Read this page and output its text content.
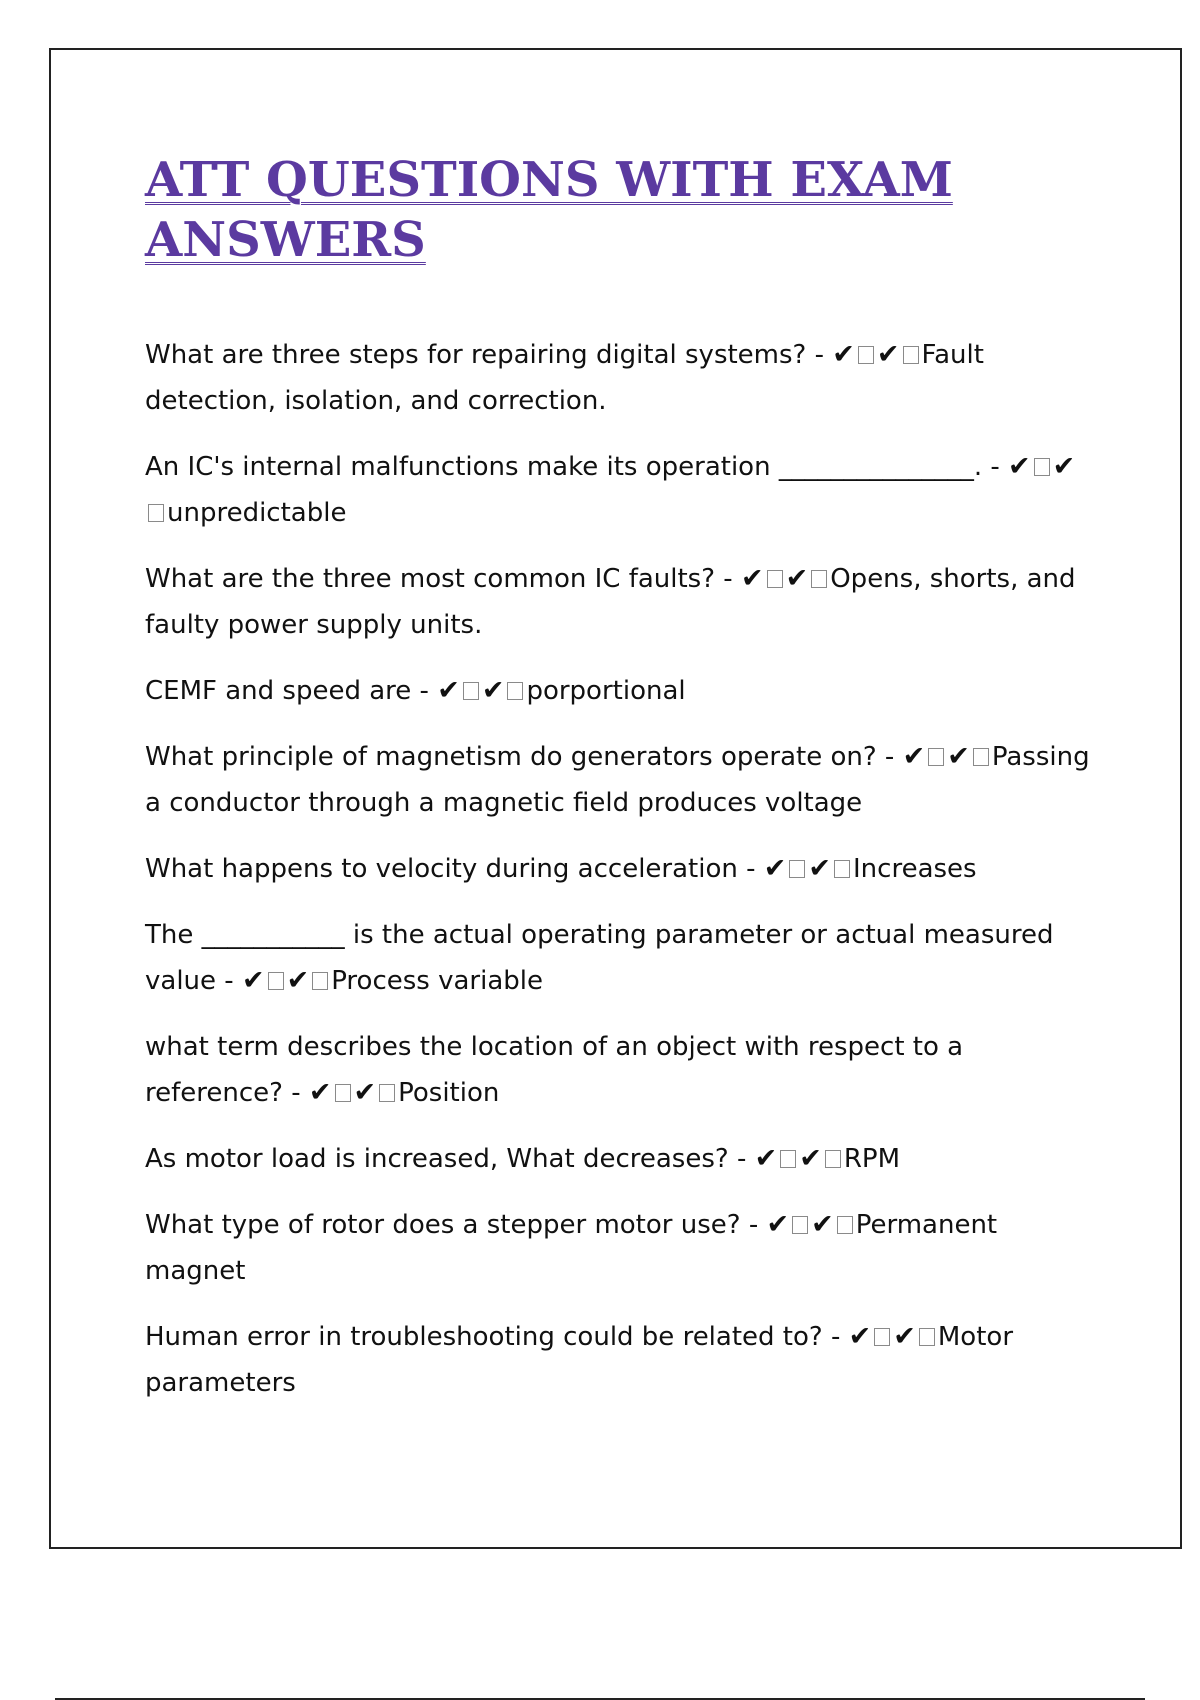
ATT QUESTIONS WITH EXAM ANSWERS

What are three steps for repairing digital systems? - ✔ ✔ Fault detection, isolation, and correction.

An IC's internal malfunctions make its operation _______________. - ✔ ✔unpredictable

What are the three most common IC faults? - ✔ ✔ Opens, shorts, and faulty power supply units.

CEMF and speed are - ✔ ✔ porportional

What principle of magnetism do generators operate on? - ✔ ✔ Passing a conductor through a magnetic field produces voltage

What happens to velocity during acceleration - ✔ ✔ Increases

The ___________ is the actual operating parameter or actual measured value - ✔ ✔ Process variable

what term describes the location of an object with respect to a reference? - ✔ ✔ Position

As motor load is increased, What decreases? - ✔ ✔ RPM

What type of rotor does a stepper motor use? - ✔ ✔ Permanent magnet

Human error in troubleshooting could be related to? - ✔ ✔ Motor parameters
